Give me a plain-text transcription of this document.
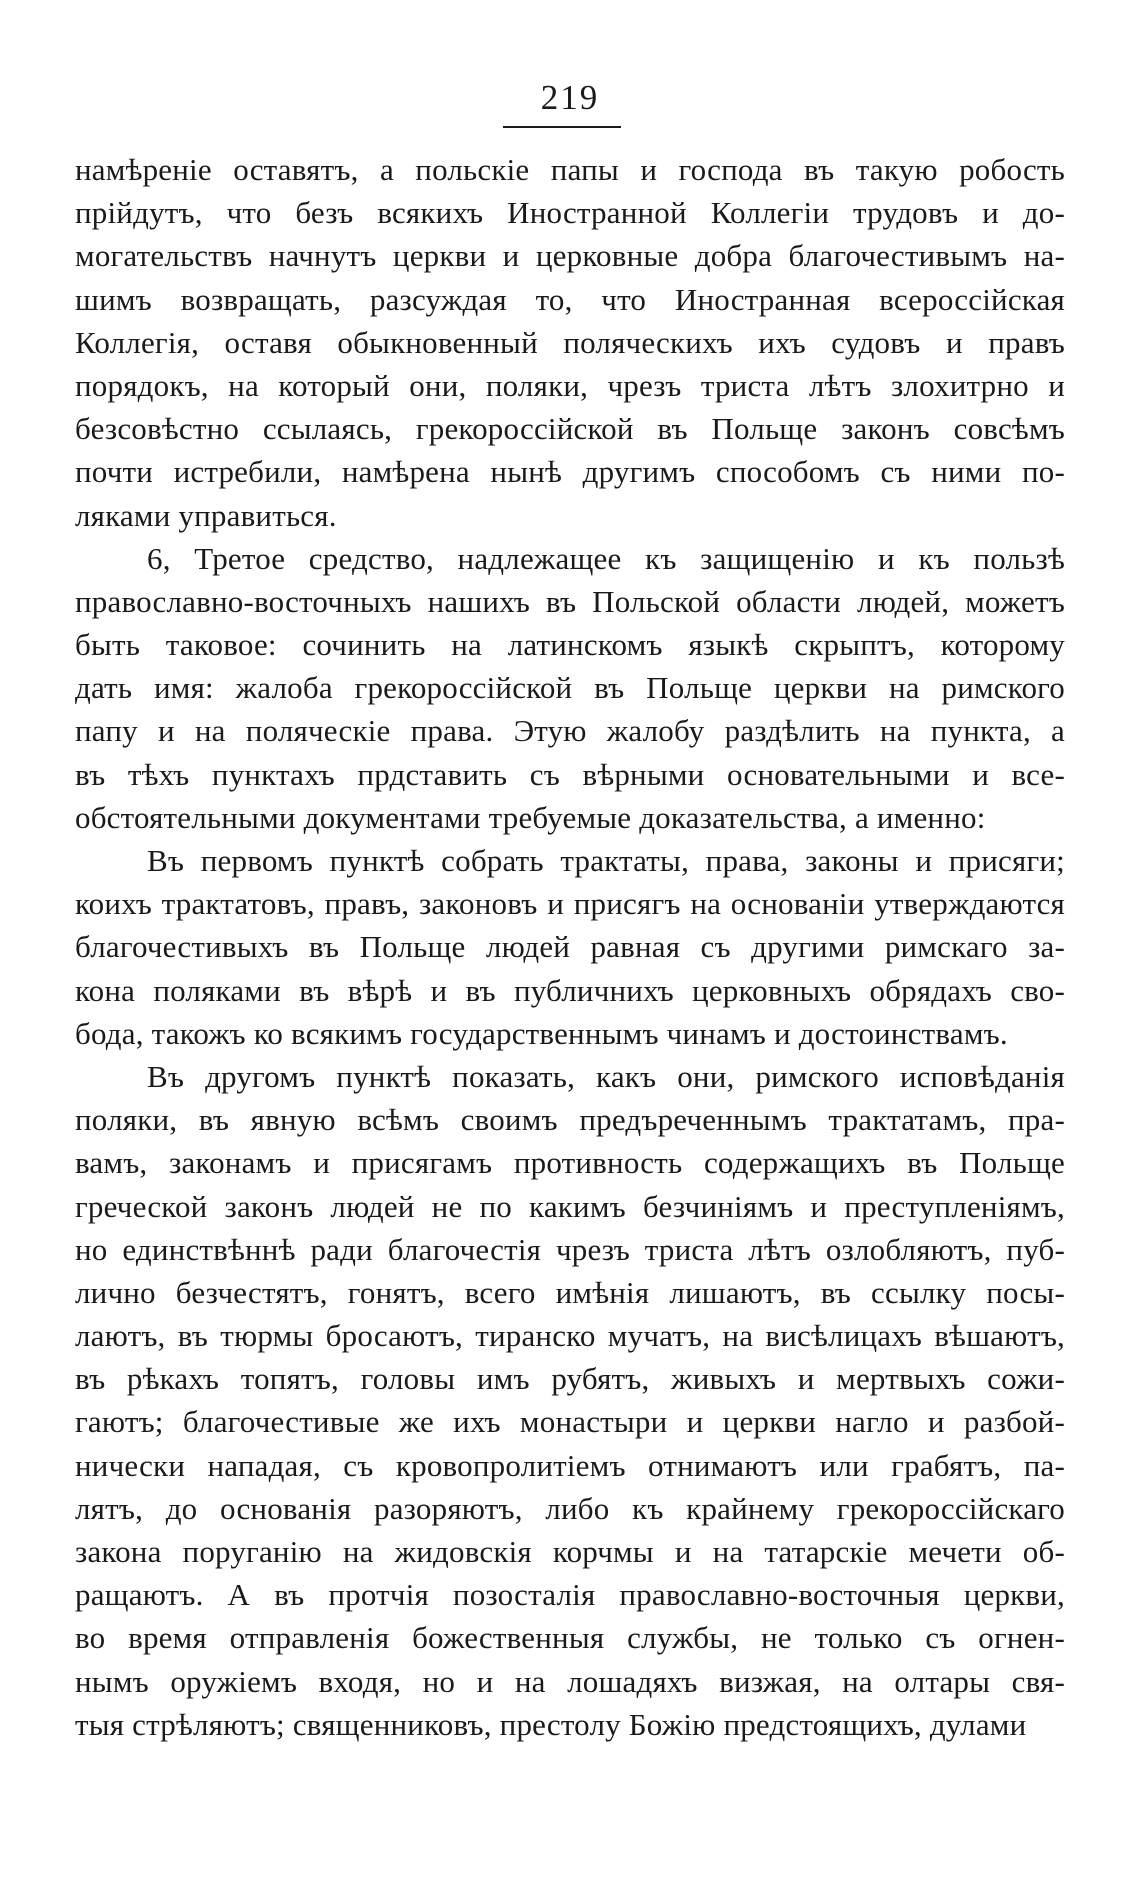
219
намѣреніе оставятъ, а польскіе папы и господа въ такую робость
прійдутъ, что безъ всякихъ Иностранной Коллегіи трудовъ и до-
могательствъ начнутъ церкви и церковные добра благочестивымъ на-
шимъ возвращать, разсуждая то, что Иностранная всероссійская
Коллегія, оставя обыкновенный поляческихъ ихъ судовъ и правъ
порядокъ, на который они, поляки, чрезъ триста лѣтъ злохитрно и
безсовѣстно ссылаясь, грекороссійской въ Польще законъ совсѣмъ
почти истребили, намѣрена нынѣ другимъ способомъ съ ними по-
ляками управиться.
6, Третое средство, надлежащее къ защищенію и къ пользѣ
православно-восточныхъ нашихъ въ Польской области людей, можетъ
быть таковое: сочинить на латинскомъ языкѣ скрыптъ, которому
дать имя: жалоба грекороссійской въ Польще церкви на римского
папу и на поляческіе права. Этую жалобу раздѣлить на пункта, а
въ тѣхъ пунктахъ прдставить съ вѣрными основательными и все-
обстоятельными документами требуемые доказательства, а именно:
Въ первомъ пунктѣ собрать трактаты, права, законы и присяги;
коихъ трактатовъ, правъ, законовъ и присягъ на основаніи утверждаются
благочестивыхъ въ Польще людей равная съ другими римскаго за-
кона поляками въ вѣрѣ и въ публичнихъ церковныхъ обрядахъ сво-
бода, такожъ ко всякимъ государственнымъ чинамъ и достоинствамъ.
Въ другомъ пунктѣ показать, какъ они, римского исповѣданія
поляки, въ явную всѣмъ своимъ предъреченнымъ трактатамъ, пра-
вамъ, законамъ и присягамъ противность содержащихъ въ Польще
греческой законъ людей не по какимъ безчиніямъ и преступленіямъ,
но единствѣннѣ ради благочестія чрезъ триста лѣтъ озлобляютъ, пуб-
лично безчестятъ, гонятъ, всего имѣнія лишаютъ, въ ссылку посы-
лаютъ, въ тюрмы бросаютъ, тиранско мучатъ, на висѣлицахъ вѣшаютъ,
въ рѣкахъ топятъ, головы имъ рубятъ, живыхъ и мертвыхъ сожи-
гаютъ; благочестивые же ихъ монастыри и церкви нагло и разбой-
нически нападая, съ кровопролитіемъ отнимаютъ или грабятъ, па-
лятъ, до основанія разоряютъ, либо къ крайнему грекороссійскаго
закона поруганію на жидовскія корчмы и на татарскіе мечети об-
ращаютъ. А въ протчія позосталія православно-восточныя церкви,
во время отправленія божественныя службы, не только съ огнен-
нымъ оружіемъ входя, но и на лошадяхъ визжая, на олтары свя-
тыя стрѣляютъ; священниковъ, престолу Божію предстоящихъ, дулами
